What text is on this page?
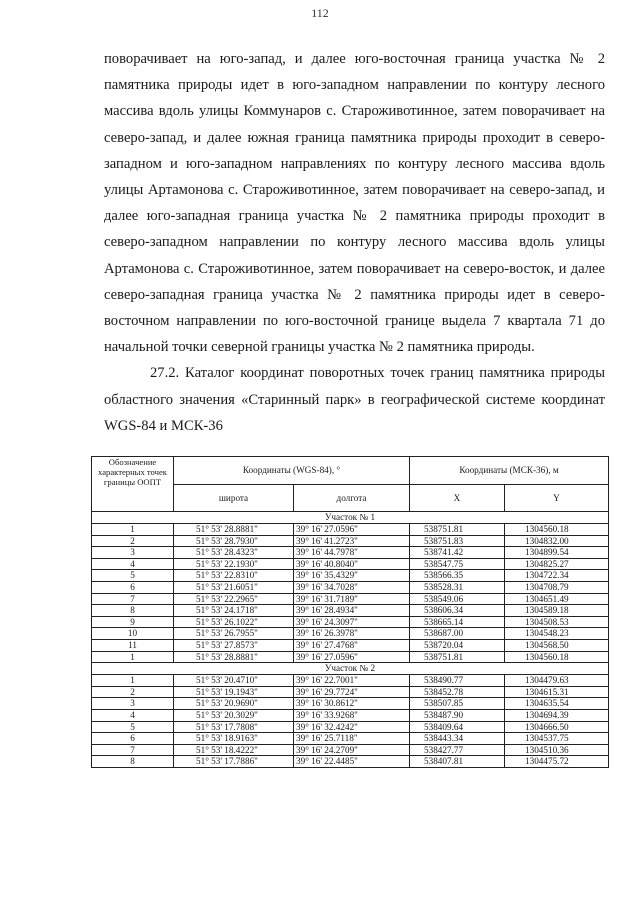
112

поворачивает на юго-запад, и далее юго-восточная граница участка № 2 памятника природы идет в юго-западном направлении по контуру лесного массива вдоль улицы Коммунаров с. Староживотинное, затем поворачивает на северо-запад, и далее южная граница памятника природы проходит в северо-западном и юго-западном направлениях по контуру лесного массива вдоль улицы Артамонова с. Староживотинное, затем поворачивает на северо-запад, и далее юго-западная граница участка № 2 памятника природы проходит в северо-западном направлении по контуру лесного массива вдоль улицы Артамонова с. Староживотинное, затем поворачивает на северо-восток, и далее северо-западная граница участка № 2 памятника природы идет в северо-восточном направлении по юго-восточной границе выдела 7 квартала 71 до начальной точки северной границы участка № 2 памятника природы.

27.2. Каталог координат поворотных точек границ памятника природы областного значения «Старинный парк» в географической системе координат WGS-84 и МСК-36

Обозначение характерных точек границы ООПТ	Координаты (WGS-84), °		Координаты (МСК-36), м	
	широта	долгота	X	Y
Участок № 1				
1	51° 53' 28.8881"	39° 16' 27.0596"	538751.81	1304560.18
2	51° 53' 28.7930"	39° 16' 41.2723"	538751.83	1304832.00
3	51° 53' 28.4323"	39° 16' 44.7978"	538741.42	1304899.54
4	51° 53' 22.1930"	39° 16' 40.8040"	538547.75	1304825.27
5	51° 53' 22.8310"	39° 16' 35.4329"	538566.35	1304722.34
6	51° 53' 21.6051"	39° 16' 34.7028"	538528.31	1304708.79
7	51° 53' 22.2965"	39° 16' 31.7189"	538549.06	1304651.49
8	51° 53' 24.1718"	39° 16' 28.4934"	538606.34	1304589.18
9	51° 53' 26.1022"	39° 16' 24.3097"	538665.14	1304508.53
10	51° 53' 26.7955"	39° 16' 26.3978"	538687.00	1304548.23
11	51° 53' 27.8573"	39° 16' 27.4768"	538720.04	1304568.50
1	51° 53' 28.8881"	39° 16' 27.0596"	538751.81	1304560.18
Участок № 2				
1	51° 53' 20.4710"	39° 16' 22.7001"	538490.77	1304479.63
2	51° 53' 19.1943"	39° 16' 29.7724"	538452.78	1304615.31
3	51° 53' 20.9690"	39° 16' 30.8612"	538507.85	1304635.54
4	51° 53' 20.3029"	39° 16' 33.9268"	538487.90	1304694.39
5	51° 53' 17.7808"	39° 16' 32.4242"	538409.64	1304666.50
6	51° 53' 18.9163"	39° 16' 25.7118"	538443.34	1304537.75
7	51° 53' 18.4222"	39° 16' 24.2709"	538427.77	1304510.36
8	51° 53' 17.7886"	39° 16' 22.4485"	538407.81	1304475.72
